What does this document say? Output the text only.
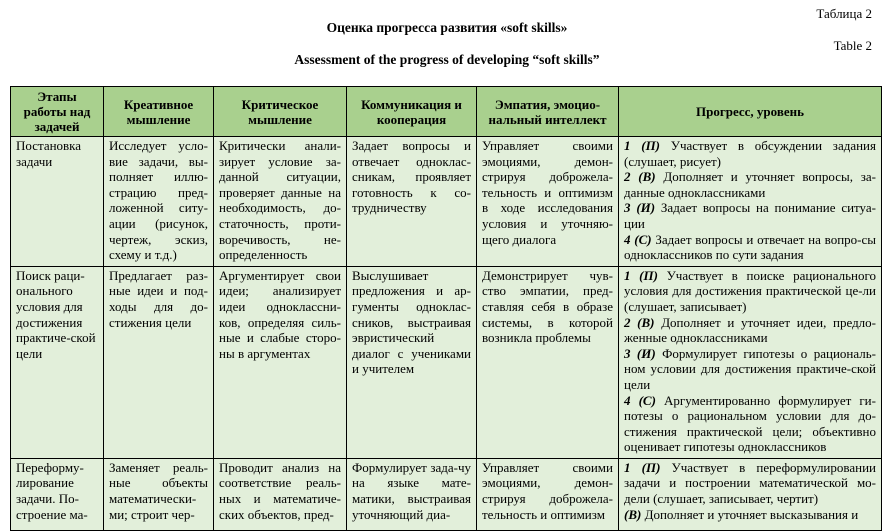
Таблица 2
Оценка прогресса развития «soft skills»
Table 2
Assessment of the progress of developing “soft skills”
Этапы работы над задачей	Креативное мышление	Критическое мышление	Коммуникация и кооперация	Эмпатия, эмоцио-нальный интеллект	Прогресс, уровень
Постановка задачи	Исследует усло-вие задачи, вы-полняет иллю-страцию пред-ложенной ситу-ации (рисунок, чертеж, эскиз, схему и т.д.)	Критически анали-зирует условие за-данной ситуации, проверяет данные на необходимость, до-статочность, проти-воречивость, не-определенность	Задает вопросы и отвечает однoклас-сникам, проявляет готовность к со-трудничеству	Управляет своими эмоциями, демон-стрируя доброжела-тельность и оптимизм в ходе исследования условия и уточняю-щего диалога	1 (П) Участвует в обсуждении задания (слушает, рисует)
2 (В) Дополняет и уточняет вопросы, за-данные одноклассниками
3 (И) Задает вопросы на понимание ситуа-ции
4 (С) Задает вопросы и отвечает на вопро-сы одноклассников по сути задания

Поиск раци-онального условия для достижения практиче-ской цели	Предлагает раз-ные идеи и под-ходы для до-стижения цели	Аргументирует свои идеи; анализирует идеи одноклассни-ков, определяя силь-ные и слабые сторо-ны в аргументах	Выслушивает предложения и ар-гументы одноклас-сников, выстраивая эвристический диалог с учениками и учителем	Демонстрирует чув-ство эмпатии, пред-ставляя себя в образе системы, в которой возникла проблемы	1 (П) Участвует в поиске рационального условия для достижения практической це-ли (слушает, записывает)
2 (В) Дополняет и уточняет идеи, предло-женные одноклассниками
3 (И) Формулирует гипотезы о рациональ-ном условии для достижения практиче-ской цели
4 (С) Аргументированно формулирует ги-потезы о рациональном условии для до-стижения практической цели; объективно оценивает гипотезы одноклассников

Переформу-лирование задачи. По-строение ма-	Заменяет реаль-ные объекты математически-ми; строит чер-	Проводит анализ на соответствие реаль-ных и математиче-ских объектов, пред-	Формулирует зада-чу на языке мате-матики, выстраивая уточняющий диа-	Управляет своими эмоциями, демон-стрируя доброжела-тельность и оптимизм	1 (П) Участвует в переформулировании задачи и построении математической мо-дели (слушает, записывает, чертит)
(В) Дополняет и уточняет высказывания и
